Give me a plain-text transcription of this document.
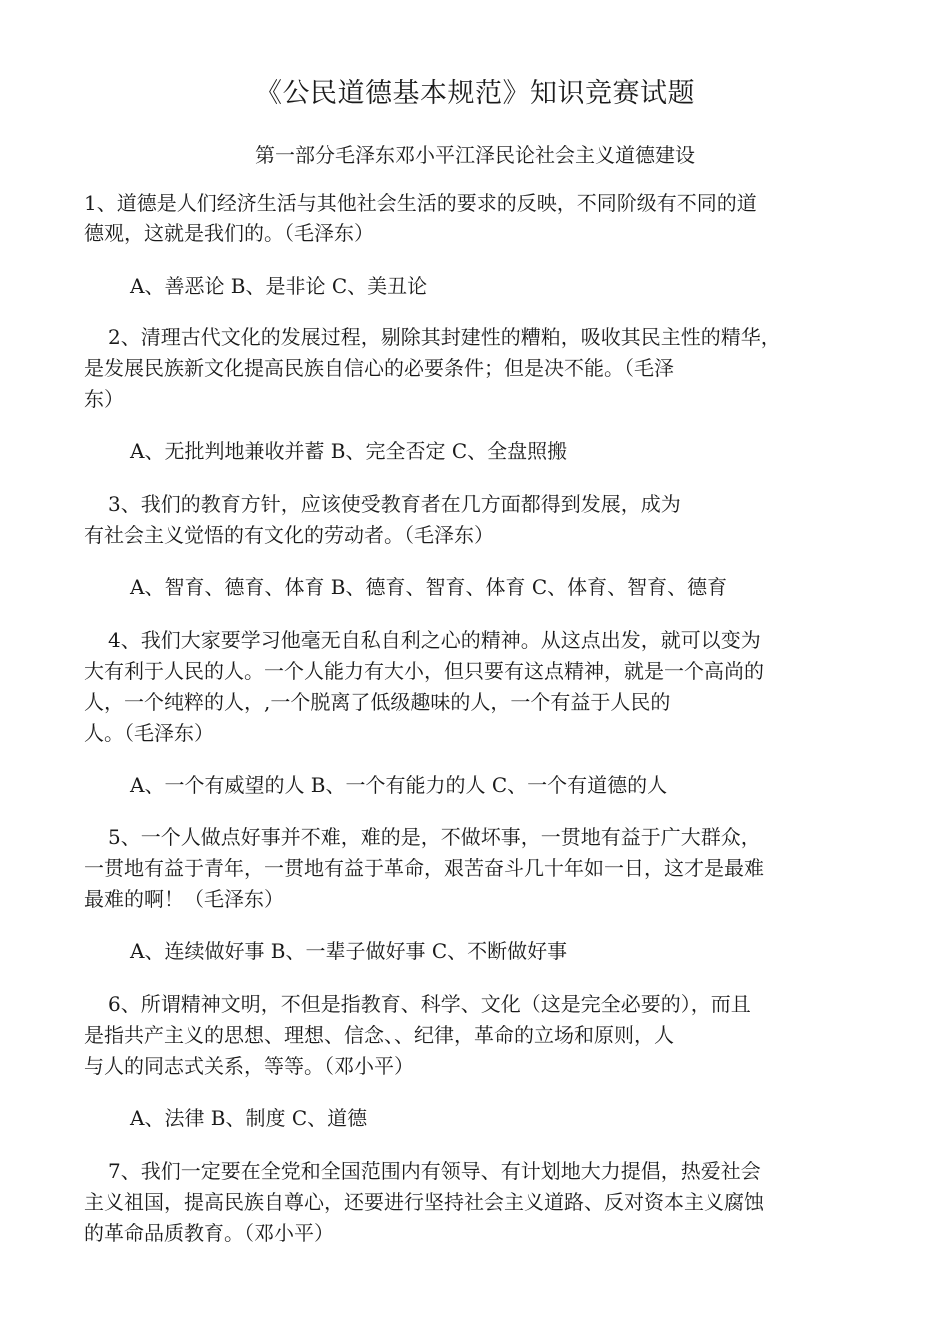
《公民道德基本规范》知识竞赛试题
第一部分毛泽东邓小平江泽民论社会主义道德建设
1、道德是人们经济生活与其他社会生活的要求的反映，不同阶级有不同的道
德观，这就是我们的。（毛泽东）
A、善恶论 B、是非论 C、美丑论
2、清理古代文化的发展过程，剔除其封建性的糟粕，吸收其民主性的精华，
是发展民族新文化提高民族自信心的必要条件；但是决不能。（毛泽
东）
A、无批判地兼收并蓄 B、完全否定 C、全盘照搬
3、我们的教育方针，应该使受教育者在几方面都得到发展，成为
有社会主义觉悟的有文化的劳动者。（毛泽东）
A、智育、德育、体育 B、德育、智育、体育 C、体育、智育、德育
4、我们大家要学习他毫无自私自利之心的精神。从这点出发，就可以变为
大有利于人民的人。一个人能力有大小，但只要有这点精神，就是一个高尚的
人，一个纯粹的人，,一个脱离了低级趣味的人，一个有益于人民的
人。（毛泽东）
A、一个有威望的人 B、一个有能力的人 C、一个有道德的人
5、一个人做点好事并不难，难的是，不做坏事，一贯地有益于广大群众，
一贯地有益于青年，一贯地有益于革命，艰苦奋斗几十年如一日，这才是最难
最难的啊！（毛泽东）
A、连续做好事 B、一辈子做好事 C、不断做好事
6、所谓精神文明，不但是指教育、科学、文化（这是完全必要的），而且
是指共产主义的思想、理想、信念、、纪律，革命的立场和原则，人
与人的同志式关系，等等。（邓小平）
A、法律 B、制度 C、道德
7、我们一定要在全党和全国范围内有领导、有计划地大力提倡，热爱社会
主义祖国，提高民族自尊心，还要进行坚持社会主义道路、反对资本主义腐蚀
的革命品质教育。（邓小平）
